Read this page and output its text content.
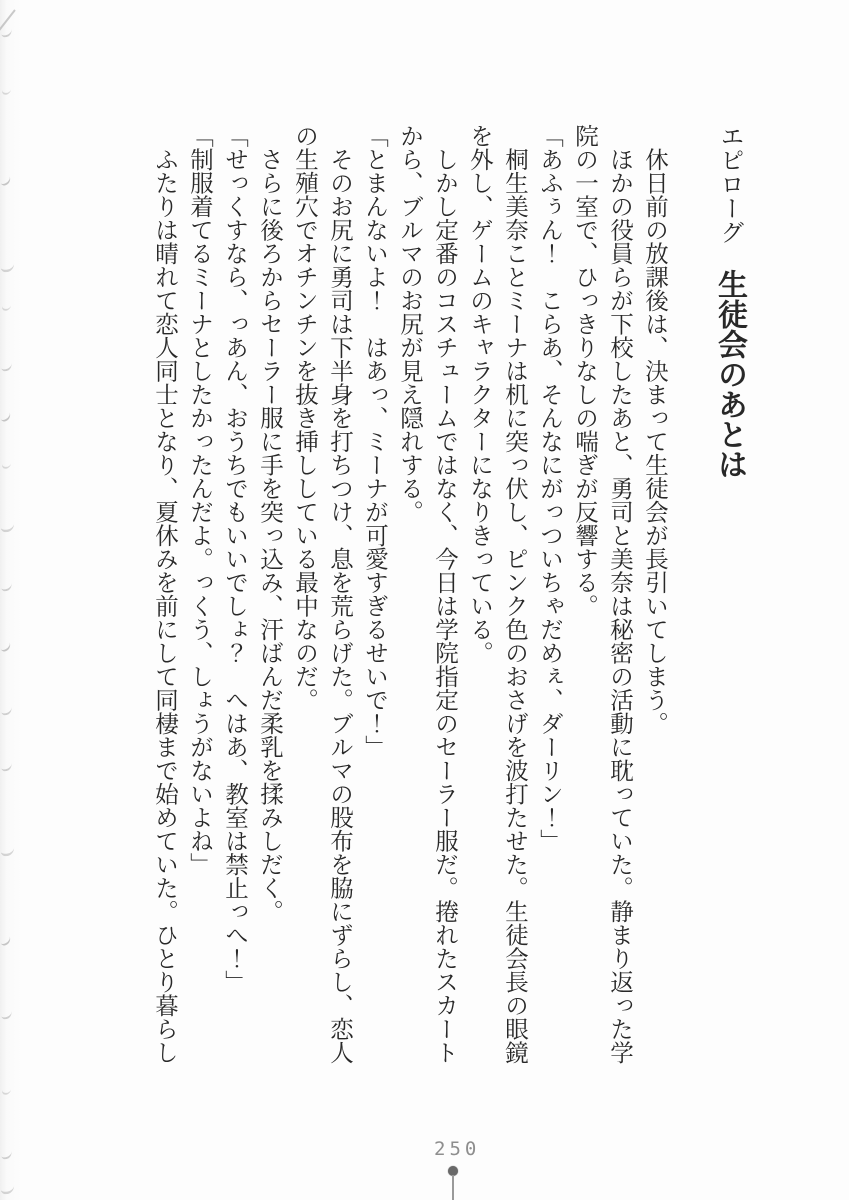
エピローグ生徒会のあとは

　休日前の放課後は、決まって生徒会が長引いてしまう。

　ほかの役員らが下校したあと、勇司と美奈は秘密の活動に耽っていた。静まり返った学

院の一室で、ひっきりなしの喘ぎが反響する。

「あふぅん！　こらあ、そんなにがっついちゃだめぇ、ダーリン！」

　桐生美奈ことミーナは机に突っ伏し、ピンク色のおさげを波打たせた。生徒会長の眼鏡

を外し、ゲームのキャラクターになりきっている。

　しかし定番のコスチュームではなく、今日は学院指定のセーラー服だ。捲れたスカート

から、ブルマのお尻が見え隠れする。

「とまんないよ！　はあっ、ミーナが可愛すぎるせいで！」

　そのお尻に勇司は下半身を打ちつけ、息を荒らげた。ブルマの股布を脇にずらし、恋人

の生殖穴でオチンチンを抜き挿ししている最中なのだ。

　さらに後ろからセーラー服に手を突っ込み、汗ばんだ柔乳を揉みしだく。

「せっくすなら、っあん、おうちでもいいでしょ？　へはあ、教室は禁止っへ！」

「制服着てるミーナとしたかったんだよ。っくう、しょうがないよね」

　ふたりは晴れて恋人同士となり、夏休みを前にして同棲まで始めていた。ひとり暮らし

250
